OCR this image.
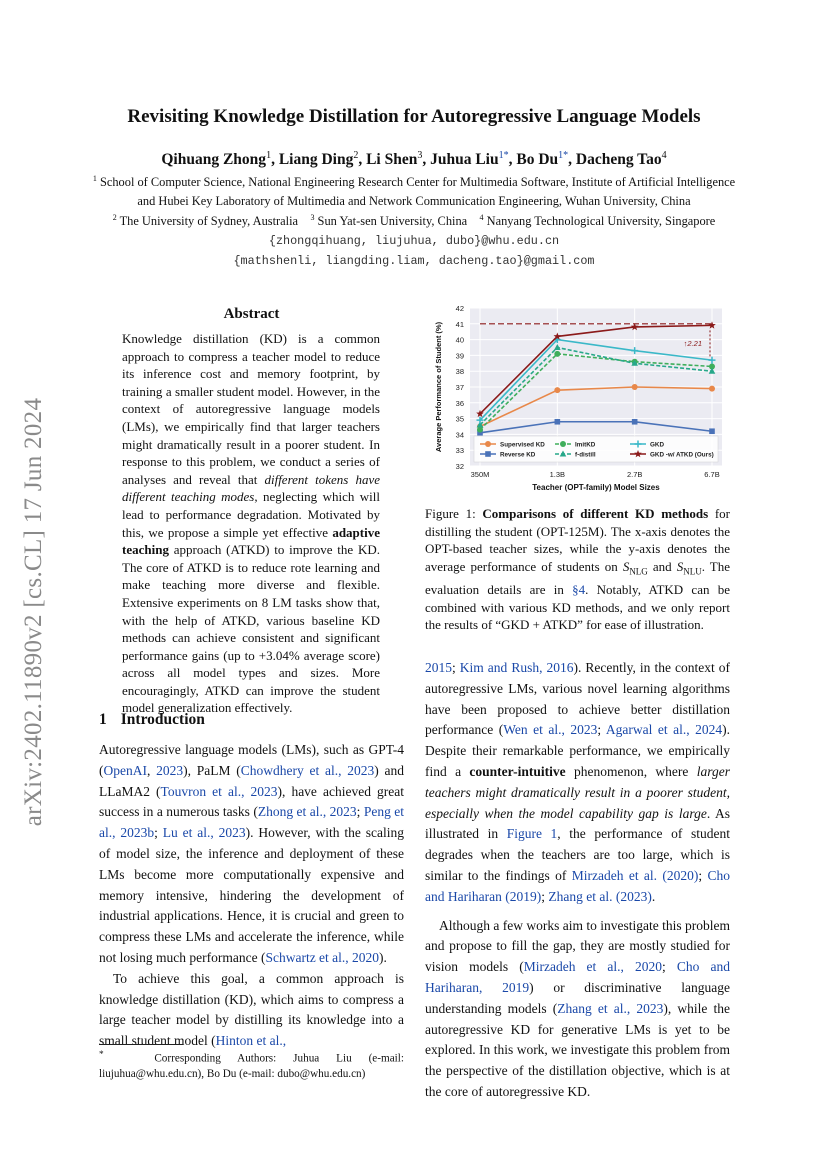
arXiv:2402.11890v2 [cs.CL] 17 Jun 2024
Revisiting Knowledge Distillation for Autoregressive Language Models
Qihuang Zhong$^1$, Liang Ding$^2$, Li Shen$^3$, Juhua Liu$^{1*}$, Bo $Du^{1*}$, Dacheng Tao$^4$
$^1$ School of Computer Science, National Engineering Research Center for Multimedia Software, Institute of Artificial Intelligence
and Hubei Key Laboratory of Multimedia and Network Communication Engineering, Wuhan University, China
$^2$ The University of Sydney, Australia $^3$ Sun Yat-sen University, China $^4$ Nanyang Technological University, Singapore
{zhongqihuang, liujuhua, dubo}@whu.edu.cn
{mathshenli, liangding.liam, dacheng.tao}@gmail.com
Abstract
Knowledge distillation (KD) is a common approach to compress a teacher model to reduce its inference cost and memory footprint, by training a smaller student model. However, in the context of autoregressive language models (LMs), we empirically find that larger teachers might dramatically result in a poorer student. In response to this problem, we conduct a series of analyses and reveal that different tokens have different teaching modes, neglecting which will lead to performance degradation. Motivated by this, we propose a simple yet effective adaptive teaching approach (ATKD) to improve the KD. The core of ATKD is to reduce rote learning and make teaching more diverse and flexible. Extensive experiments on 8 LM tasks show that, with the help of ATKD, various baseline KD methods can achieve consistent and significant performance gains (up to +3.04% average score) across all model types and sizes. More encouragingly, ATKD can improve the student model generalization effectively.
1 Introduction

Autoregressive language models (LMs), such as GPT-4 (OpenAI, 2023), PaLM (Chowdhery et al., 2023) and LLaMA2 (Touvron et al., 2023), have achieved great success in a numerous tasks (Zhong et al., 2023; Peng et al., 2023b; Lu et al., 2023). However, with the scaling of model size, the inference and deployment of these LMs become more computationally expensive and memory intensive, hindering the development of industrial applications. Hence, it is crucial and green to compress these LMs and accelerate the inference, while not losing much performance (Schwartz et al., 2020).

To achieve this goal, a common approach is knowledge distillation (KD), which aims to compress a large teacher model by distilling its knowledge into a small student model (Hinton et al.,

*	Corresponding Authors: Juhua Liu (e-mail: liujuhua@whu.edu.cn), Bo Du (e-mail: dubo@whu.edu.cn)
32
33
34
35
36
37
38
39
40
41
42
350M	1.3B	2.7B	6.7B
↑2.21
Supervised KD
Reverse KD
ImitKD
f-distill
GKD
GKD -w/ ATKD (Ours)
Teacher (OPT-family) Model Sizes
Average Performance of Student (%)
Figure 1: Comparisons of different KD methods for distilling the student (OPT-125M). The x-axis denotes the OPT-based teacher sizes, while the y-axis denotes the average performance of students on $S_{NLG}$ and $S_{NLU}$. The evaluation details are in §4. Notably, ATKD can be combined with various KD methods, and we only report the results of “GKD + ATKD” for ease of illustration.

2015; Kim and Rush, 2016). Recently, in the context of autoregressive LMs, various novel learning algorithms have been proposed to achieve better distillation performance (Wen et al., 2023; Agarwal et al., 2024). Despite their remarkable performance, we empirically find a counter-intuitive phenomenon, where larger teachers might dramatically result in a poorer student, especially when the model capability gap is large. As illustrated in Figure 1, the performance of student degrades when the teachers are too large, which is similar to the findings of Mirzadeh et al. (2020); Cho and Hariharan (2019); Zhang et al. (2023).

Although a few works aim to investigate this problem and propose to fill the gap, they are mostly studied for vision models (Mirzadeh et al., 2020; Cho and Hariharan, 2019) or discriminative language understanding models (Zhang et al., 2023), while the autoregressive KD for generative LMs is yet to be explored. In this work, we investigate this problem from the perspective of the distillation objective, which is at the core of autoregressive KD.
